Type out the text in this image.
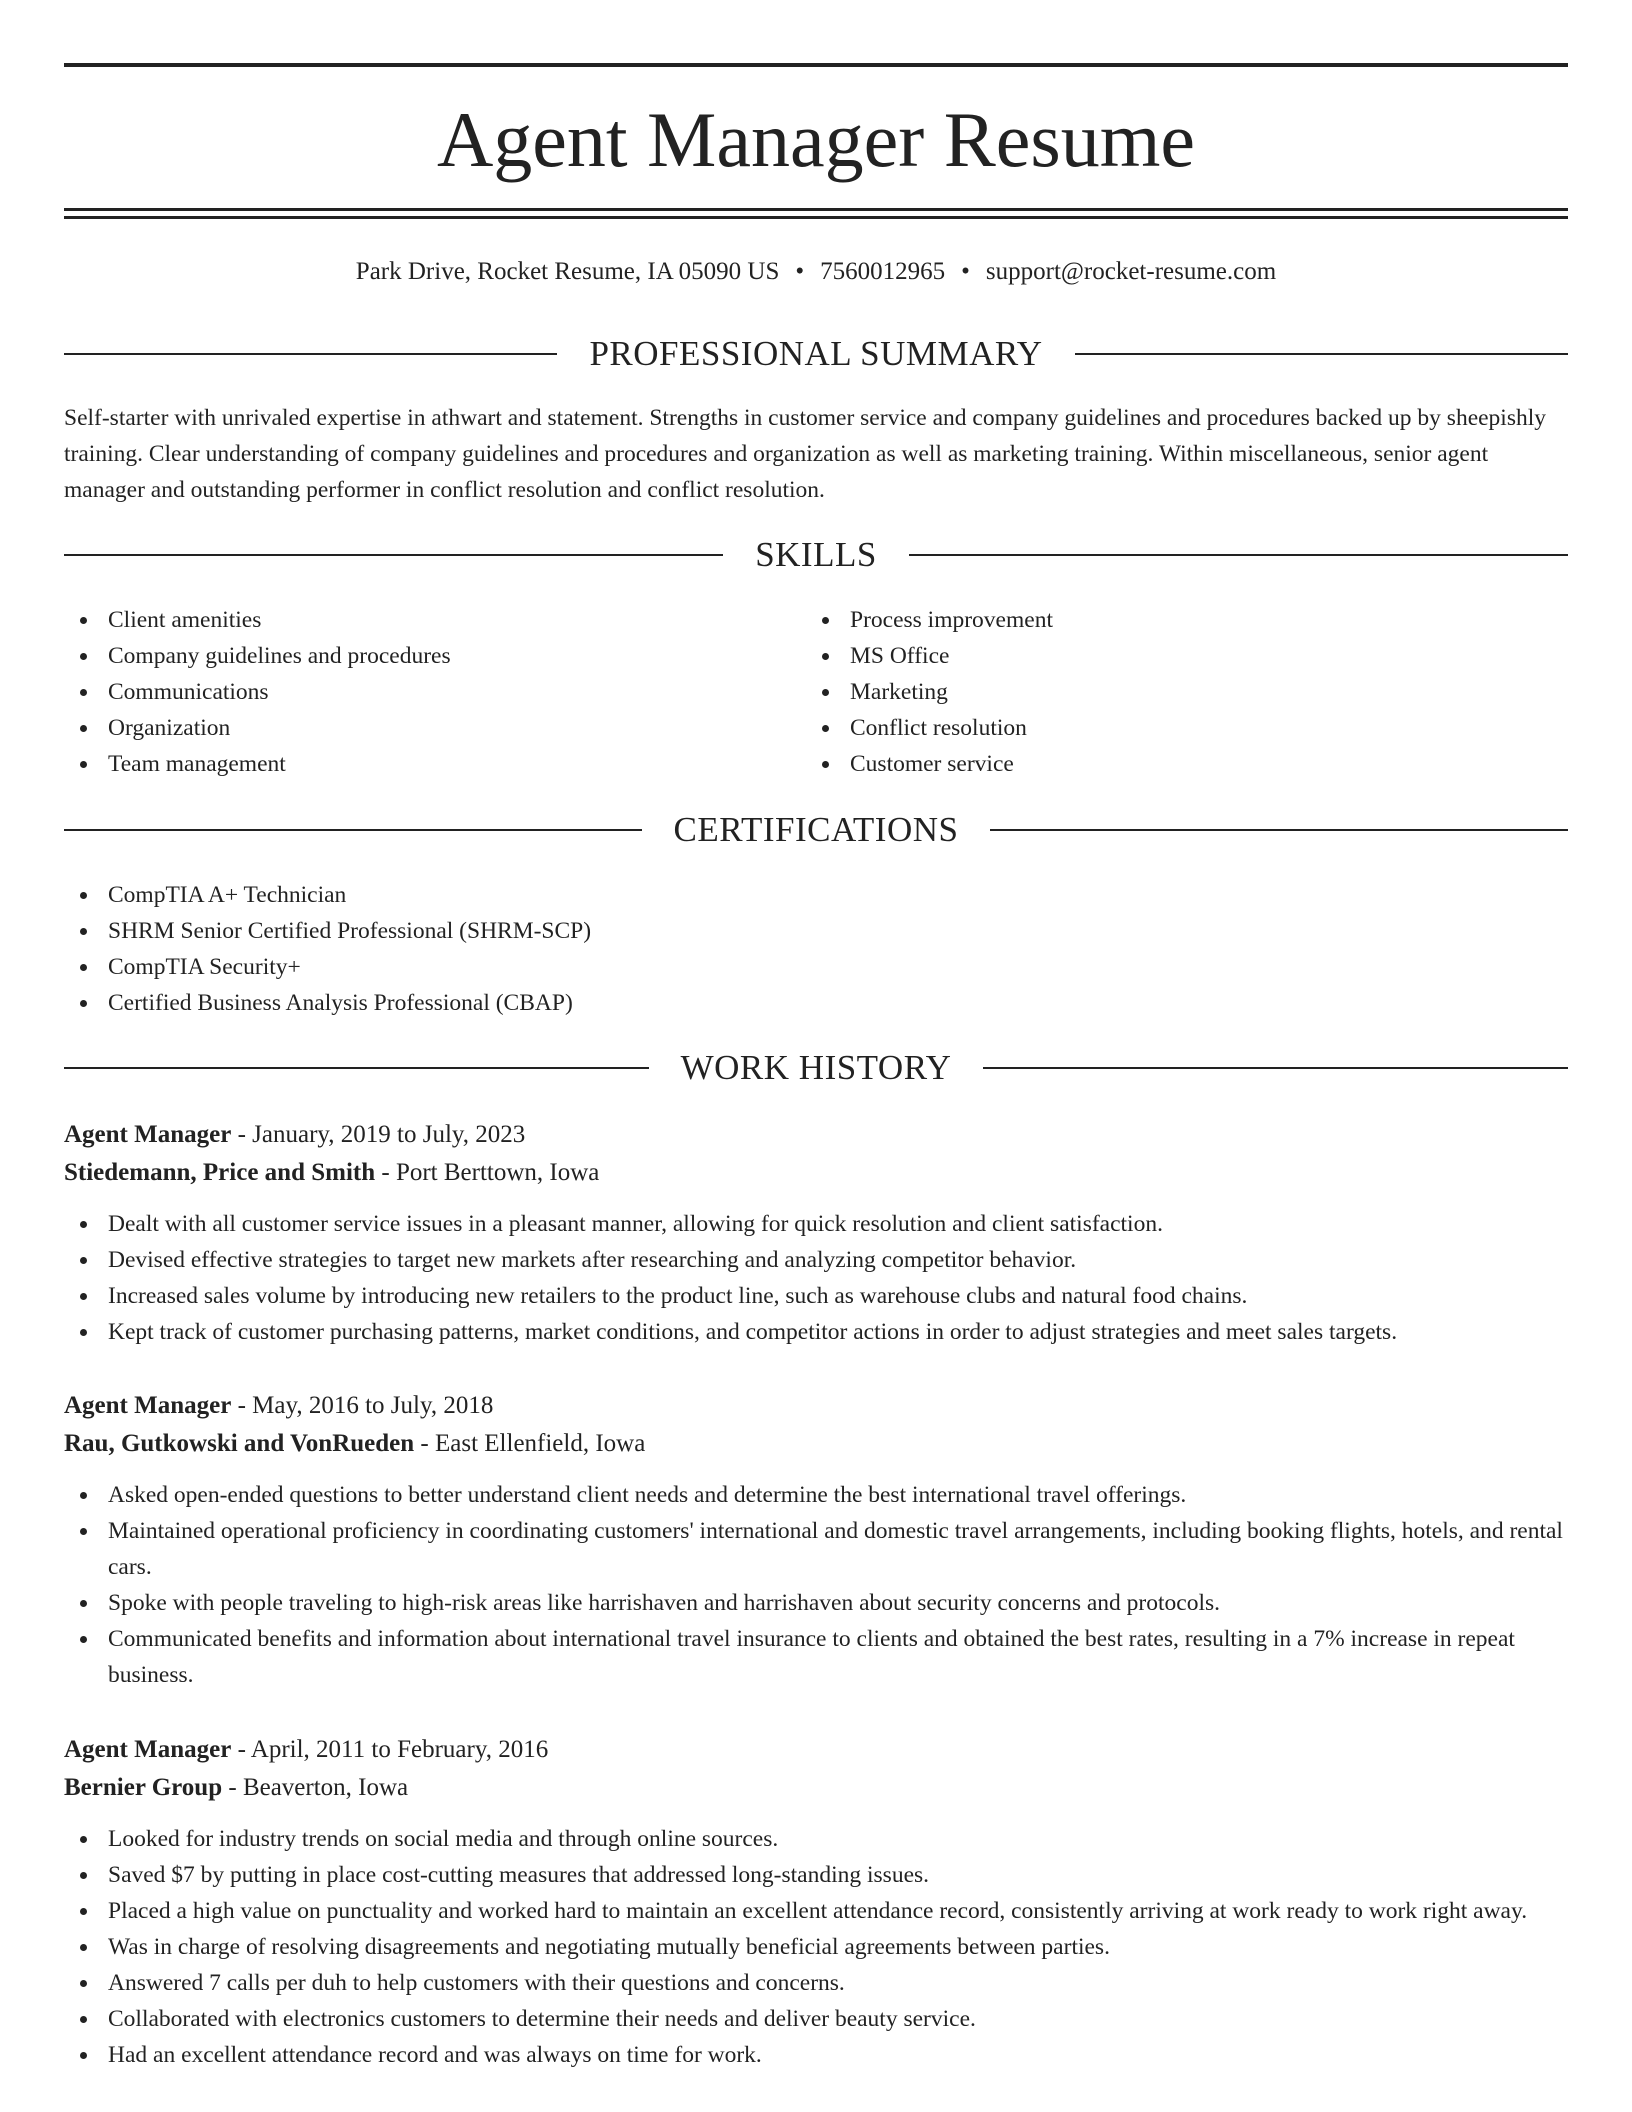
Agent Manager Resume
Park Drive, Rocket Resume, IA 05090 US • 7560012965 • support@rocket-resume.com
PROFESSIONAL SUMMARY

Self-starter with unrivaled expertise in athwart and statement. Strengths in customer service and company guidelines and procedures backed up by sheepishly training. Clear understanding of company guidelines and procedures and organization as well as marketing training. Within miscellaneous, senior agent manager and outstanding performer in conflict resolution and conflict resolution.

SKILLS
Client amenities
Company guidelines and procedures
Communications
Organization
Team management
Process improvement
MS Office
Marketing
Conflict resolution
Customer service
CERTIFICATIONS
CompTIA A+ Technician
SHRM Senior Certified Professional (SHRM-SCP)
CompTIA Security+
Certified Business Analysis Professional (CBAP)
WORK HISTORY
Agent Manager - January, 2019 to July, 2023
Stiedemann, Price and Smith - Port Berttown, Iowa
Dealt with all customer service issues in a pleasant manner, allowing for quick resolution and client satisfaction.
Devised effective strategies to target new markets after researching and analyzing competitor behavior.
Increased sales volume by introducing new retailers to the product line, such as warehouse clubs and natural food chains.
Kept track of customer purchasing patterns, market conditions, and competitor actions in order to adjust strategies and meet sales targets.
Agent Manager - May, 2016 to July, 2018
Rau, Gutkowski and VonRueden - East Ellenfield, Iowa
Asked open-ended questions to better understand client needs and determine the best international travel offerings.
Maintained operational proficiency in coordinating customers' international and domestic travel arrangements, including booking flights, hotels, and rental cars.
Spoke with people traveling to high-risk areas like harrishaven and harrishaven about security concerns and protocols.
Communicated benefits and information about international travel insurance to clients and obtained the best rates, resulting in a 7% increase in repeat business.
Agent Manager - April, 2011 to February, 2016
Bernier Group - Beaverton, Iowa
Looked for industry trends on social media and through online sources.
Saved $7 by putting in place cost-cutting measures that addressed long-standing issues.
Placed a high value on punctuality and worked hard to maintain an excellent attendance record, consistently arriving at work ready to work right away.
Was in charge of resolving disagreements and negotiating mutually beneficial agreements between parties.
Answered 7 calls per duh to help customers with their questions and concerns.
Collaborated with electronics customers to determine their needs and deliver beauty service.
Had an excellent attendance record and was always on time for work.
